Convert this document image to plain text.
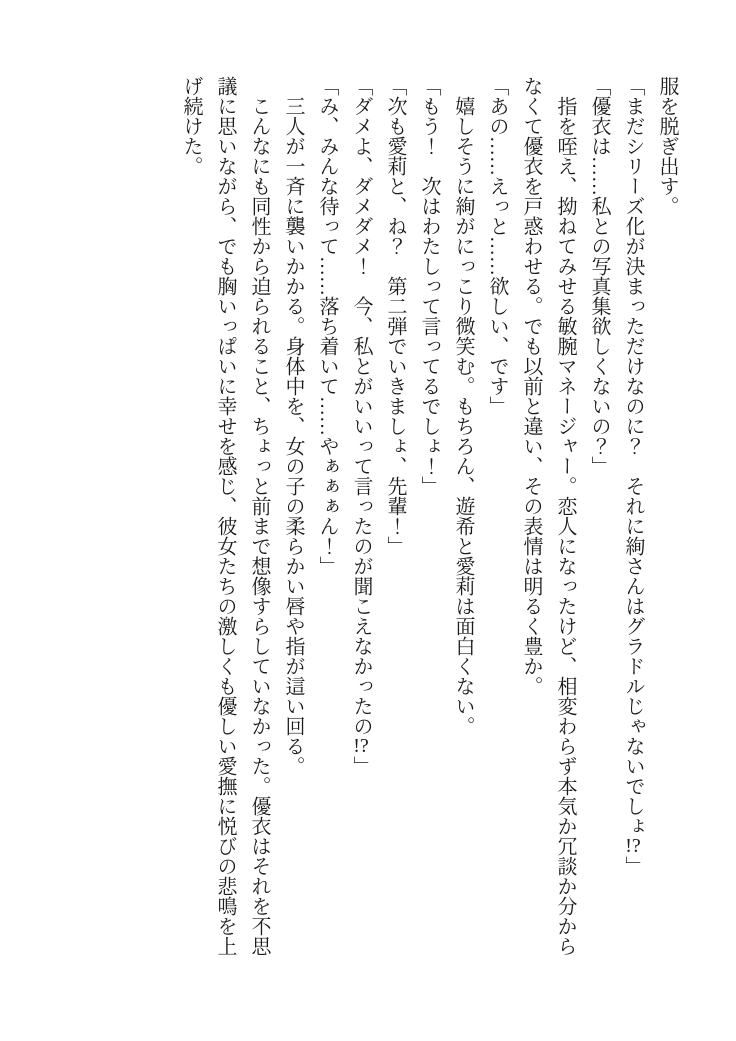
服を脱ぎ出す。

「まだシリーズ化が決まっただけなのに？　それに絢さんはグラドルじゃないでしょ!?」

「優衣は……私との写真集欲しくないの？」

指を咥え、拗ねてみせる敏腕マネージャー。恋人になったけど、相変わらず本気か冗談か分からなくて優衣を戸惑わせる。でも以前と違い、その表情は明るく豊か。

「あの……えっと……欲しい、です」

嬉しそうに絢がにっこり微笑む。もちろん、遊希と愛莉は面白くない。

「もう！　次はわたしって言ってるでしょ！」

「次も愛莉と、ね？　第二弾でいきましょ、先輩！」

「ダメよ、ダメダメ！　今、私とがいいって言ったのが聞こえなかったの!?」

「み、みんな待って……落ち着いて……やぁぁぁん！」

三人が一斉に襲いかかる。身体中を、女の子の柔らかい唇や指が這い回る。

こんなにも同性から迫られること、ちょっと前まで想像すらしていなかった。優衣はそれを不思議に思いながら、でも胸いっぱいに幸せを感じ、彼女たちの激しくも優しい愛撫に悦びの悲鳴を上げ続けた。
